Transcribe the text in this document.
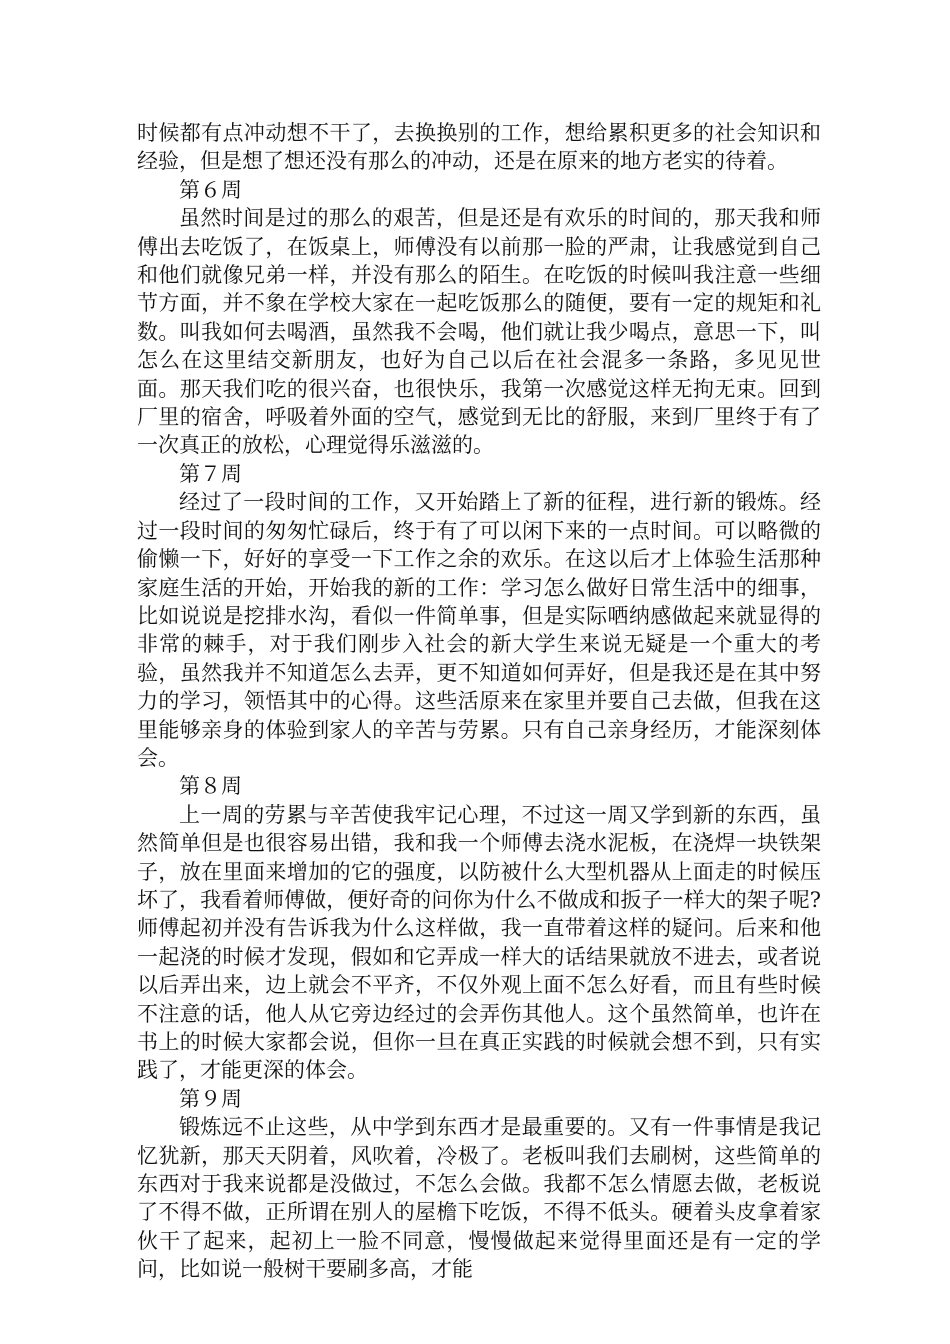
时候都有点冲动想不干了，去换换别的工作，想给累积更多的社会知识和经验，但是想了想还没有那么的冲动，还是在原来的地方老实的待着。

第６周

虽然时间是过的那么的艰苦，但是还是有欢乐的时间的，那天我和师傅出去吃饭了，在饭桌上，师傅没有以前那一脸的严肃，让我感觉到自己和他们就像兄弟一样，并没有那么的陌生。在吃饭的时候叫我注意一些细节方面，并不象在学校大家在一起吃饭那么的随便，要有一定的规矩和礼数。叫我如何去喝酒，虽然我不会喝，他们就让我少喝点，意思一下，叫怎么在这里结交新朋友，也好为自己以后在社会混多一条路，多见见世面。那天我们吃的很兴奋，也很快乐，我第一次感觉这样无拘无束。回到厂里的宿舍，呼吸着外面的空气，感觉到无比的舒服，来到厂里终于有了一次真正的放松，心理觉得乐滋滋的。

第７周

经过了一段时间的工作，又开始踏上了新的征程，进行新的锻炼。经过一段时间的匆匆忙碌后，终于有了可以闲下来的一点时间。可以略微的偷懒一下，好好的享受一下工作之余的欢乐。在这以后才上体验生活那种家庭生活的开始，开始我的新的工作：学习怎么做好日常生活中的细事，比如说说是挖排水沟，看似一件简单事，但是实际哂纳感做起来就显得的非常的棘手，对于我们刚步入社会的新大学生来说无疑是一个重大的考验，虽然我并不知道怎么去弄，更不知道如何弄好，但是我还是在其中努力的学习，领悟其中的心得。这些活原来在家里并要自己去做，但我在这里能够亲身的体验到家人的辛苦与劳累。只有自己亲身经历，才能深刻体会。

第８周

上一周的劳累与辛苦使我牢记心理，不过这一周又学到新的东西，虽然简单但是也很容易出错，我和我一个师傅去浇水泥板，在浇焊一块铁架子，放在里面来增加的它的强度，以防被什么大型机器从上面走的时候压坏了，我看着师傅做，便好奇的问你为什么不做成和扳子一样大的架子呢?师傅起初并没有告诉我为什么这样做，我一直带着这样的疑问。后来和他一起浇的时候才发现，假如和它弄成一样大的话结果就放不进去，或者说以后弄出来，边上就会不平齐，不仅外观上面不怎么好看，而且有些时候不注意的话，他人从它旁边经过的会弄伤其他人。这个虽然简单，也许在书上的时候大家都会说，但你一旦在真正实践的时候就会想不到，只有实践了，才能更深的体会。

第９周

锻炼远不止这些，从中学到东西才是最重要的。又有一件事情是我记忆犹新，那天天阴着，风吹着，冷极了。老板叫我们去刷树，这些简单的东西对于我来说都是没做过，不怎么会做。我都不怎么情愿去做，老板说了不得不做，正所谓在别人的屋檐下吃饭，不得不低头。硬着头皮拿着家伙干了起来，起初上一脸不同意，慢慢做起来觉得里面还是有一定的学问，比如说一般树干要刷多高，才能
